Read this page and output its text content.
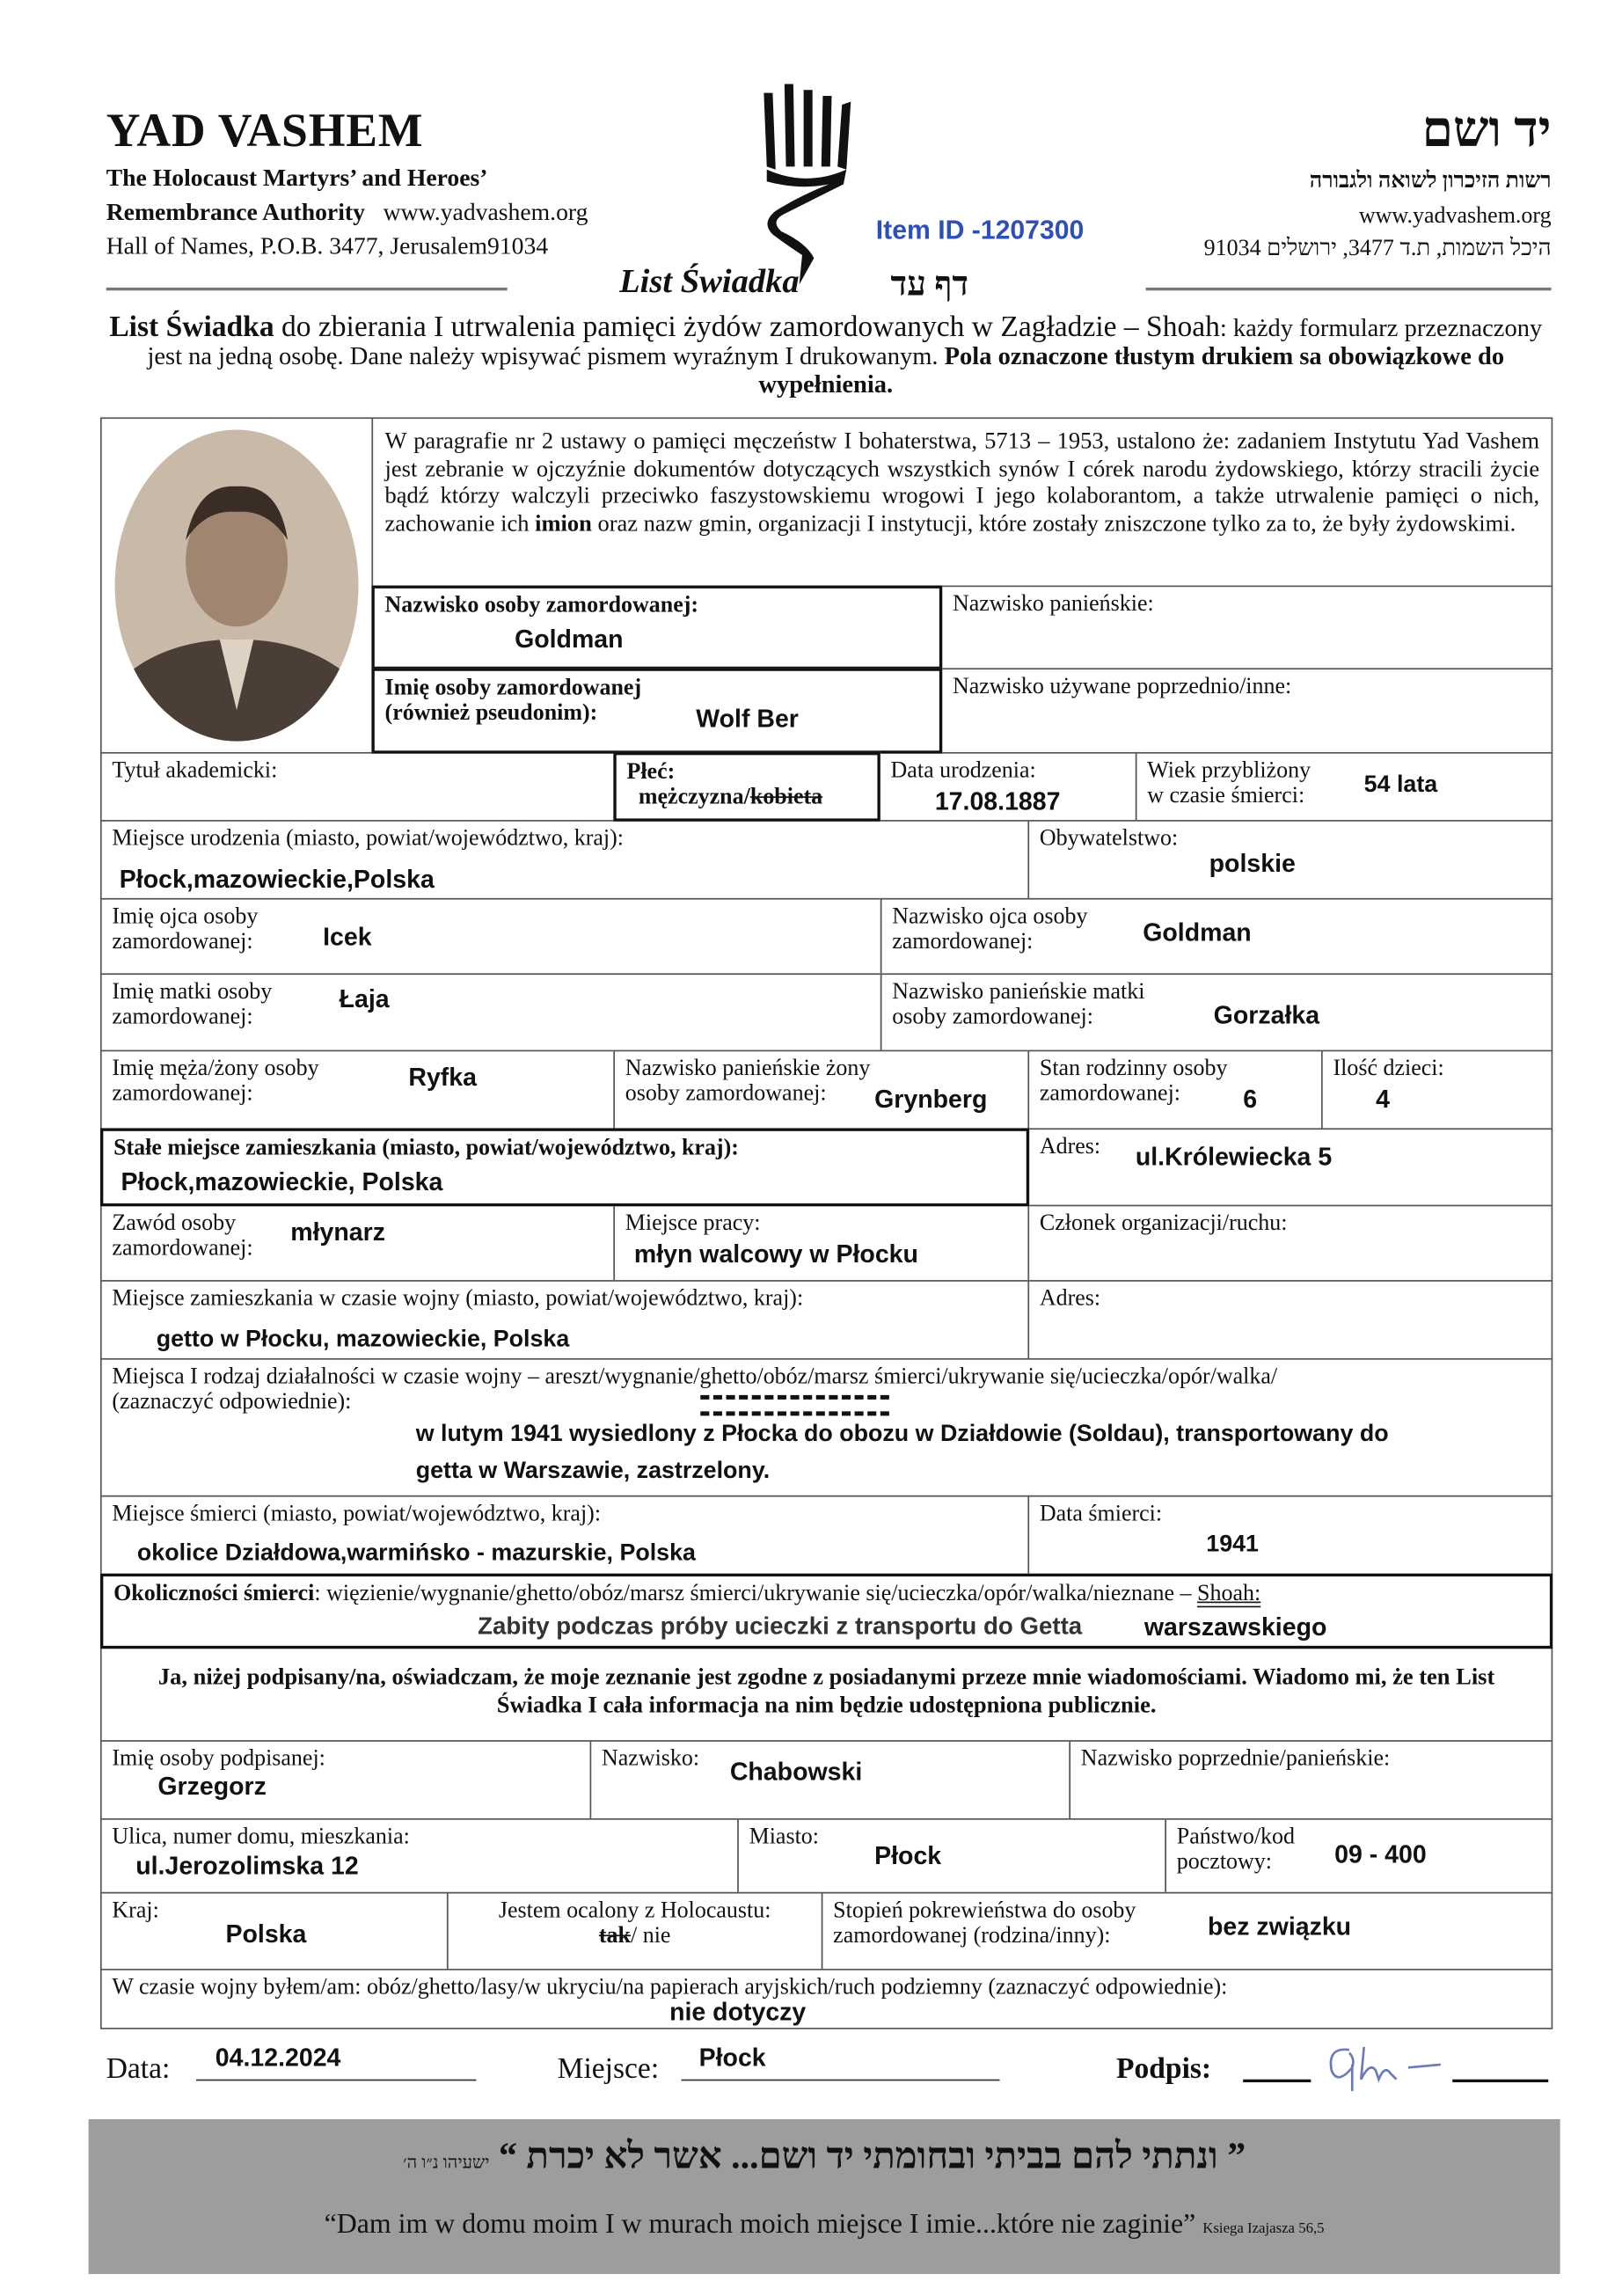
YAD VASHEM
The Holocaust Martyrs’ and Heroes’
Remembrance Authority www.yadvashem.org
Hall of Names, P.O.B. 3477, Jerusalem91034
Item ID -1207300
יד ושם
רשות הזיכרון לשואה ולגבורה
www.yadvashem.org
היכל השמות, ת.ד 3477, ירושלים 91034
List Świadka	דף עד
List Świadka do zbierania I utrwalenia pamięci żydów zamordowanych w Zagładzie – Shoah: każdy formularz przeznaczony jest na jedną osobę. Dane należy wpisywać pismem wyraźnym I drukowanym. Pola oznaczone tłustym drukiem sa obowiązkowe do wypełnienia.
W paragrafie nr 2 ustawy o pamięci męczeństw I bohaterstwa, 5713 – 1953, ustalono że: zadaniem Instytutu Yad Vashem jest zebranie w ojczyźnie dokumentów dotyczących wszystkich synów I córek narodu żydowskiego, którzy stracili życie bądź którzy walczyli przeciwko faszystowskiemu wrogowi I jego kolaborantom, a także utrwalenie pamięci o nich, zachowanie ich imion oraz nazw gmin, organizacji I instytucji, które zostały zniszczone tylko za to, że były żydowskimi.
Nazwisko osoby zamordowanej:
Goldman
Nazwisko panieńskie:
Imię osoby zamordowanej
(również pseudonim):	Wolf Ber
Nazwisko używane poprzednio/inne:
Tytuł akademicki:	Płeć:
mężczyzna/kobieta
Data urodzenia:
17.08.1887
Wiek przybliżony
w czasie śmierci:	54 lata
Miejsce urodzenia (miasto, powiat/województwo, kraj):
Płock,mazowieckie,Polska
Obywatelstwo:
polskie
Imię ojca osoby
zamordowanej:	Icek
Nazwisko ojca osoby
zamordowanej:	Goldman
Imię matki osoby
zamordowanej:
Łaja	Nazwisko panieńskie matki
osoby zamordowanej:	Gorzałka
Imię męża/żony osoby
zamordowanej:
Ryfka	Nazwisko panieńskie żony
osoby zamordowanej:	Grynberg
Stan rodzinny osoby
zamordowanej:	6
Ilość dzieci:
4
Stałe miejsce zamieszkania (miasto, powiat/województwo, kraj):
Płock,mazowieckie, Polska
Adres:	ul.Królewiecka 5
Zawód osoby
zamordowanej:
młynarz	Miejsce pracy:
młyn walcowy w Płocku
Członek organizacji/ruchu:
Miejsce zamieszkania w czasie wojny (miasto, powiat/województwo, kraj):
getto w Płocku, mazowieckie, Polska
Adres:
Miejsca I rodzaj działalności w czasie wojny – areszt/wygnanie/ghetto/obóz/marsz śmierci/ukrywanie się/ucieczka/opór/walka/
(zaznaczyć odpowiednie):
w lutym 1941 wysiedlony z Płocka do obozu w Działdowie (Soldau), transportowany do
getta w Warszawie, zastrzelony.
Miejsce śmierci (miasto, powiat/województwo, kraj):
okolice Działdowa,warmińsko - mazurskie, Polska
Data śmierci:
1941
Okoliczności śmierci: więzienie/wygnanie/ghetto/obóz/marsz śmierci/ukrywanie się/ucieczka/opór/walka/nieznane – Shoah:
Zabity podczas próby ucieczki z transportu do Getta	warszawskiego
Ja, niżej podpisany/na, oświadczam, że moje zeznanie jest zgodne z posiadanymi przeze mnie wiadomościami. Wiadomo mi, że ten List Świadka I cała informacja na nim będzie udostępniona publicznie.
Imię osoby podpisanej:
Grzegorz
Nazwisko:	Chabowski	Nazwisko poprzednie/panieńskie:
Ulica, numer domu, mieszkania:
ul.Jerozolimska 12
Miasto:
Płock
Państwo/kod
pocztowy:	09 - 400
Kraj:
Polska
Jestem ocalony z Holocaustu:
tak/ nie
Stopień pokrewieństwa do osoby
zamordowanej (rodzina/inny):	bez związku
W czasie wojny byłem/am: obóz/ghetto/lasy/w ukryciu/na papierach aryjskich/ruch podziemny (zaznaczyć odpowiednie):
nie dotyczy
Data:	04.12.2024	Miejsce:	Płock	Podpis:
” ונתתי להם בביתי ובחומתי יד ושם... אשר לא יכרת “ ישעיהו נ״ו ה׳
“Dam im w domu moim I w murach moich miejsce I imie...które nie zaginie” Ksiega Izajasza 56,5
